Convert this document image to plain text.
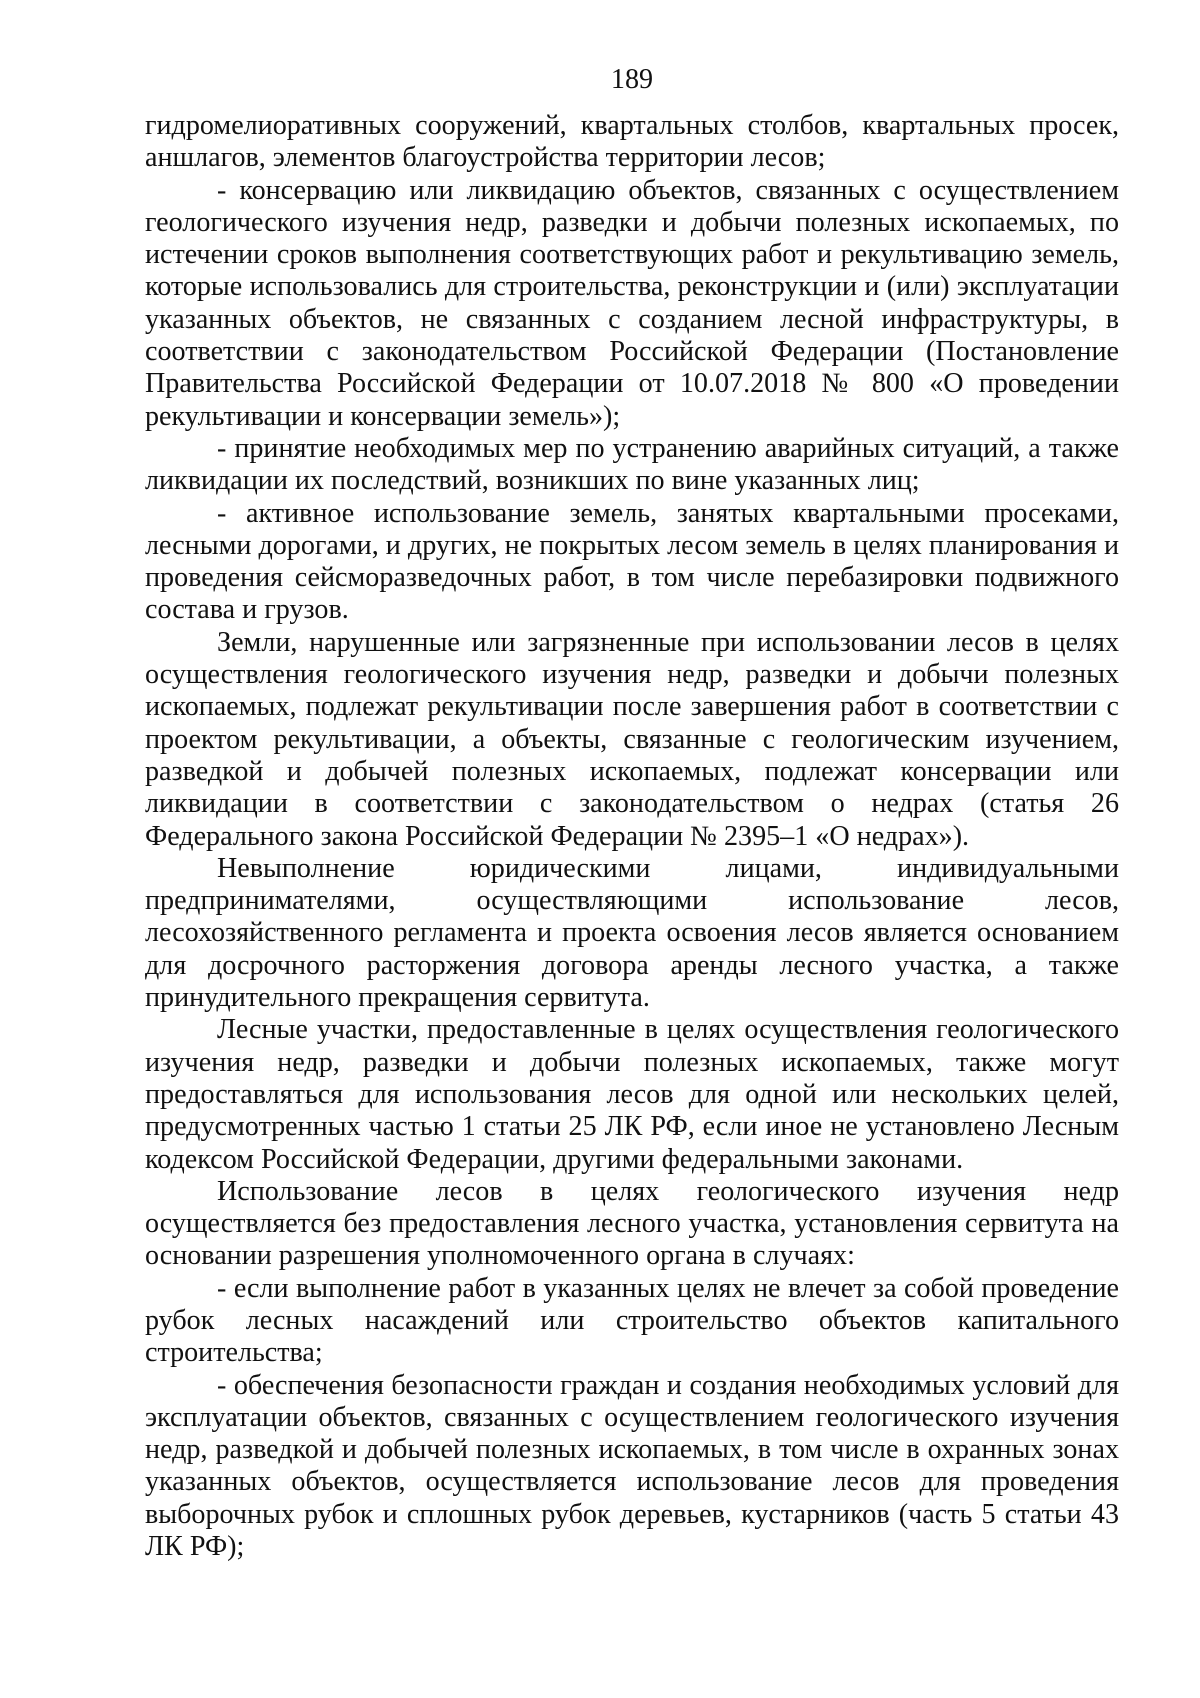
189

гидромелиоративных сооружений, квартальных столбов, квартальных просек, аншлагов, элементов благоустройства территории лесов;

- консервацию или ликвидацию объектов, связанных с осуществлением геологического изучения недр, разведки и добычи полезных ископаемых, по истечении сроков выполнения соответствующих работ и рекультивацию земель, которые использовались для строительства, реконструкции и (или) эксплуатации указанных объектов, не связанных с созданием лесной инфраструктуры, в соответствии с законодательством Российской Федерации (Постановление Правительства Российской Федерации от 10.07.2018 № 800 «О проведении рекультивации и консервации земель»);

- принятие необходимых мер по устранению аварийных ситуаций, а также ликвидации их последствий, возникших по вине указанных лиц;

- активное использование земель, занятых квартальными просеками, лесными дорогами, и других, не покрытых лесом земель в целях планирования и проведения сейсморазведочных работ, в том числе перебазировки подвижного состава и грузов.

Земли, нарушенные или загрязненные при использовании лесов в целях осуществления геологического изучения недр, разведки и добычи полезных ископаемых, подлежат рекультивации после завершения работ в соответствии с проектом рекультивации, а объекты, связанные с геологическим изучением, разведкой и добычей полезных ископаемых, подлежат консервации или ликвидации в соответствии с законодательством о недрах (статья 26 Федерального закона Российской Федерации № 2395–1 «О недрах»).

Невыполнение юридическими лицами, индивидуальными предпринимателями, осуществляющими использование лесов, лесохозяйственного регламента и проекта освоения лесов является основанием для досрочного расторжения договора аренды лесного участка, а также принудительного прекращения сервитута.

Лесные участки, предоставленные в целях осуществления геологического изучения недр, разведки и добычи полезных ископаемых, также могут предоставляться для использования лесов для одной или нескольких целей, предусмотренных частью 1 статьи 25 ЛК РФ, если иное не установлено Лесным кодексом Российской Федерации, другими федеральными законами.

Использование лесов в целях геологического изучения недр осуществляется без предоставления лесного участка, установления сервитута на основании разрешения уполномоченного органа в случаях:

- если выполнение работ в указанных целях не влечет за собой проведение рубок лесных насаждений или строительство объектов капитального строительства;

- обеспечения безопасности граждан и создания необходимых условий для эксплуатации объектов, связанных с осуществлением геологического изучения недр, разведкой и добычей полезных ископаемых, в том числе в охранных зонах указанных объектов, осуществляется использование лесов для проведения выборочных рубок и сплошных рубок деревьев, кустарников (часть 5 статьи 43 ЛК РФ);
